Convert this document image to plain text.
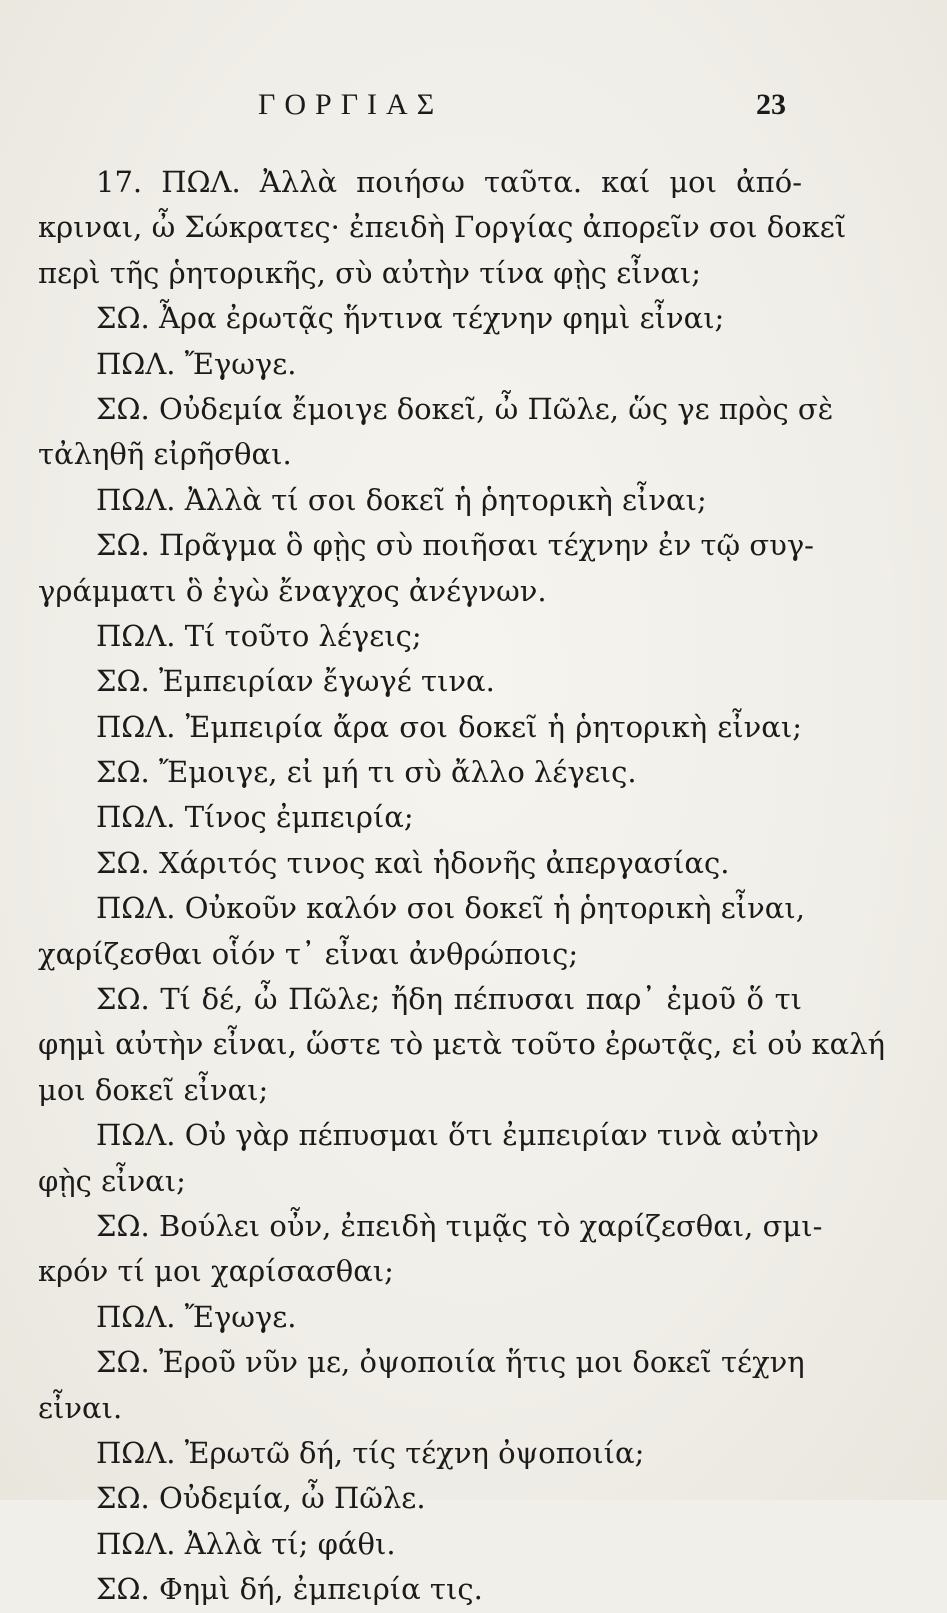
ΓΟΡΓΙΑΣ	23
17. ΠΩΛ. Ἀλλὰ ποιήσω ταῦτα. καί μοι ἀπό-
κριναι, ὦ Σώκρατες· ἐπειδὴ Γοργίας ἀπορεῖν σοι δοκεῖ
περὶ τῆς ῥητορικῆς, σὺ αὐτὴν τίνα φῂς εἶναι;
ΣΩ. Ἆρα ἐρωτᾷς ἥντινα τέχνην φημὶ εἶναι;
ΠΩΛ. Ἔγωγε.
ΣΩ. Οὐδεμία ἔμοιγε δοκεῖ, ὦ Πῶλε, ὥς γε πρὸς σὲ
τἀληθῆ εἰρῆσθαι.
ΠΩΛ. Ἀλλὰ τί σοι δοκεῖ ἡ ῥητορικὴ εἶναι;
ΣΩ. Πρᾶγμα ὃ φῂς σὺ ποιῆσαι τέχνην ἐν τῷ συγ-
γράμματι ὃ ἐγὼ ἔναγχος ἀνέγνων.
ΠΩΛ. Τί τοῦτο λέγεις;
ΣΩ. Ἐμπειρίαν ἔγωγέ τινα.
ΠΩΛ. Ἐμπειρία ἄρα σοι δοκεῖ ἡ ῥητορικὴ εἶναι;
ΣΩ. Ἔμοιγε, εἰ μή τι σὺ ἄλλο λέγεις.
ΠΩΛ. Τίνος ἐμπειρία;
ΣΩ. Χάριτός τινος καὶ ἡδονῆς ἀπεργασίας.
ΠΩΛ. Οὐκοῦν καλόν σοι δοκεῖ ἡ ῥητορικὴ εἶναι,
χαρίζεσθαι οἷόν τ᾽ εἶναι ἀνθρώποις;
ΣΩ. Τί δέ, ὦ Πῶλε; ἤδη πέπυσαι παρ᾽ ἐμοῦ ὅ τι
φημὶ αὐτὴν εἶναι, ὥστε τὸ μετὰ τοῦτο ἐρωτᾷς, εἰ οὐ καλή
μοι δοκεῖ εἶναι;
ΠΩΛ. Οὐ γὰρ πέπυσμαι ὅτι ἐμπειρίαν τινὰ αὐτὴν
φῂς εἶναι;
ΣΩ. Βούλει οὖν, ἐπειδὴ τιμᾷς τὸ χαρίζεσθαι, σμι-
κρόν τί μοι χαρίσασθαι;
ΠΩΛ. Ἔγωγε.
ΣΩ. Ἐροῦ νῦν με, ὀψοποιία ἥτις μοι δοκεῖ τέχνη
εἶναι.
ΠΩΛ. Ἐρωτῶ δή, τίς τέχνη ὀψοποιία;
ΣΩ. Οὐδεμία, ὦ Πῶλε.
ΠΩΛ. Ἀλλὰ τί; φάθι.
ΣΩ. Φημὶ δή, ἐμπειρία τις.
